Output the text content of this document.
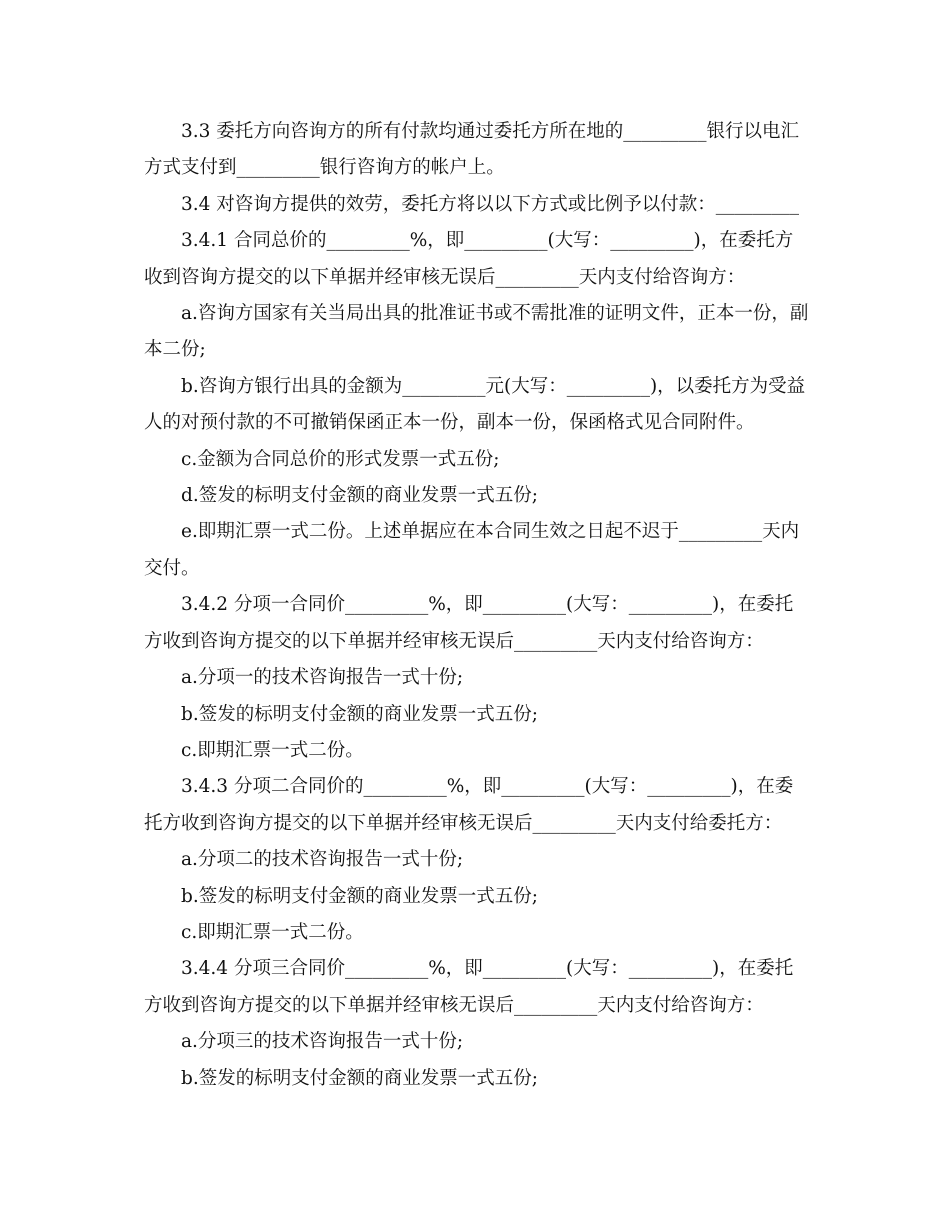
3.3 委托方向咨询方的所有付款均通过委托方所在地的_________银行以电汇方式支付到_________银行咨询方的帐户上。

3.4 对咨询方提供的效劳，委托方将以以下方式或比例予以付款：_________

3.4.1 合同总价的_________%，即_________(大写：_________)，在委托方收到咨询方提交的以下单据并经审核无误后_________天内支付给咨询方：

a.咨询方国家有关当局出具的批准证书或不需批准的证明文件，正本一份，副本二份;

b.咨询方银行出具的金额为_________元(大写：_________)，以委托方为受益人的对预付款的不可撤销保函正本一份，副本一份，保函格式见合同附件。

c.金额为合同总价的形式发票一式五份;

d.签发的标明支付金额的商业发票一式五份;

e.即期汇票一式二份。上述单据应在本合同生效之日起不迟于_________天内交付。

3.4.2 分项一合同价_________%，即_________(大写：_________)，在委托方收到咨询方提交的以下单据并经审核无误后_________天内支付给咨询方：

a.分项一的技术咨询报告一式十份;

b.签发的标明支付金额的商业发票一式五份;

c.即期汇票一式二份。

3.4.3 分项二合同价的_________%，即_________(大写：_________)，在委托方收到咨询方提交的以下单据并经审核无误后_________天内支付给委托方：

a.分项二的技术咨询报告一式十份;

b.签发的标明支付金额的商业发票一式五份;

c.即期汇票一式二份。

3.4.4 分项三合同价_________%，即_________(大写：_________)，在委托方收到咨询方提交的以下单据并经审核无误后_________天内支付给咨询方：

a.分项三的技术咨询报告一式十份;

b.签发的标明支付金额的商业发票一式五份;
